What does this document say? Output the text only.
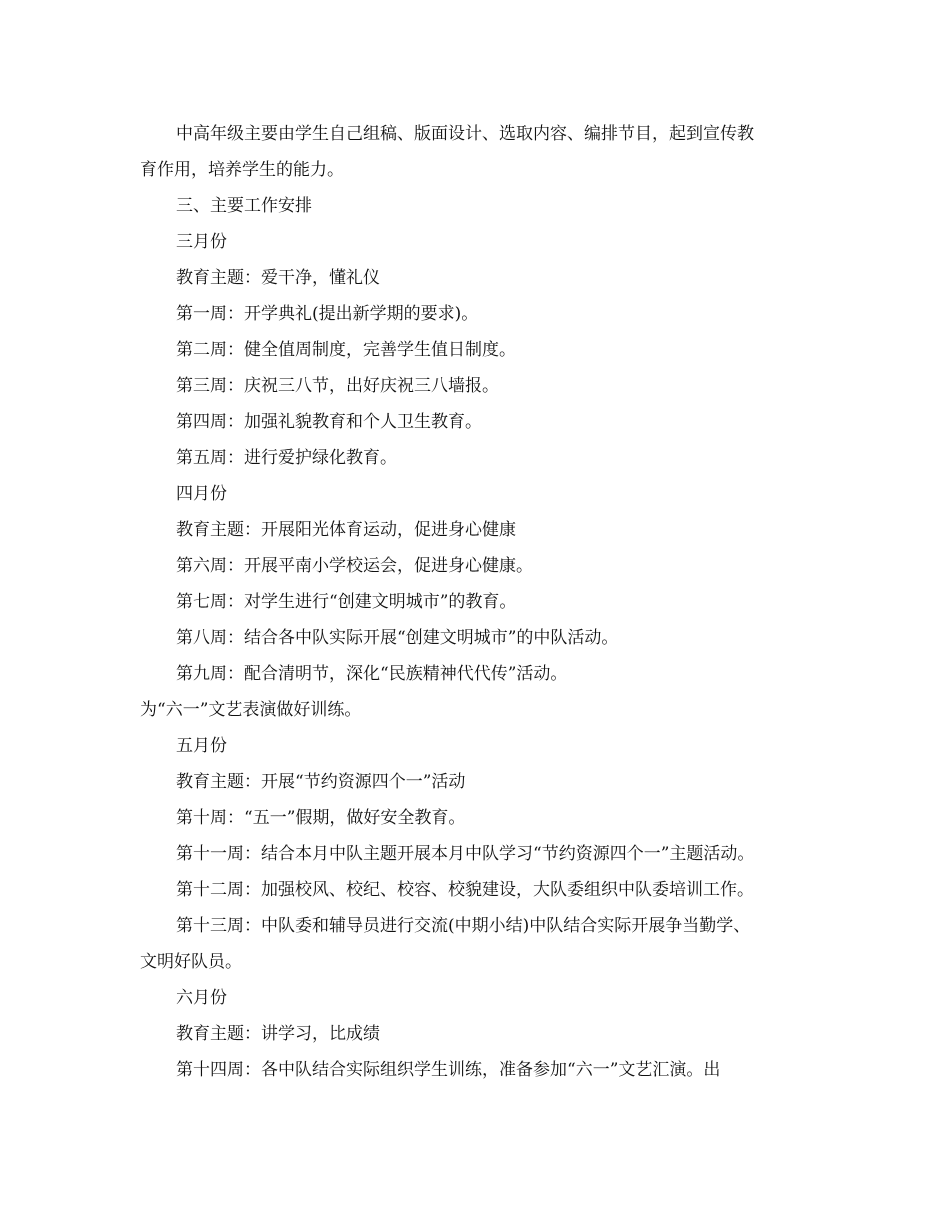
中高年级主要由学生自己组稿、版面设计、选取内容、编排节目，起到宣传教

育作用，培养学生的能力。

三、主要工作安排

三月份

教育主题：爱干净，懂礼仪

第一周：开学典礼(提出新学期的要求)。

第二周：健全值周制度，完善学生值日制度。

第三周：庆祝三八节，出好庆祝三八墙报。

第四周：加强礼貌教育和个人卫生教育。

第五周：进行爱护绿化教育。

四月份

教育主题：开展阳光体育运动，促进身心健康

第六周：开展平南小学校运会，促进身心健康。

第七周：对学生进行“创建文明城市”的教育。

第八周：结合各中队实际开展“创建文明城市”的中队活动。

第九周：配合清明节，深化“民族精神代代传”活动。

为“六一”文艺表演做好训练。

五月份

教育主题：开展“节约资源四个一”活动

第十周：“五一”假期，做好安全教育。

第十一周：结合本月中队主题开展本月中队学习“节约资源四个一”主题活动。

第十二周：加强校风、校纪、校容、校貌建设，大队委组织中队委培训工作。

第十三周：中队委和辅导员进行交流(中期小结)中队结合实际开展争当勤学、

文明好队员。

六月份

教育主题：讲学习，比成绩

第十四周：各中队结合实际组织学生训练，准备参加“六一”文艺汇演。出
